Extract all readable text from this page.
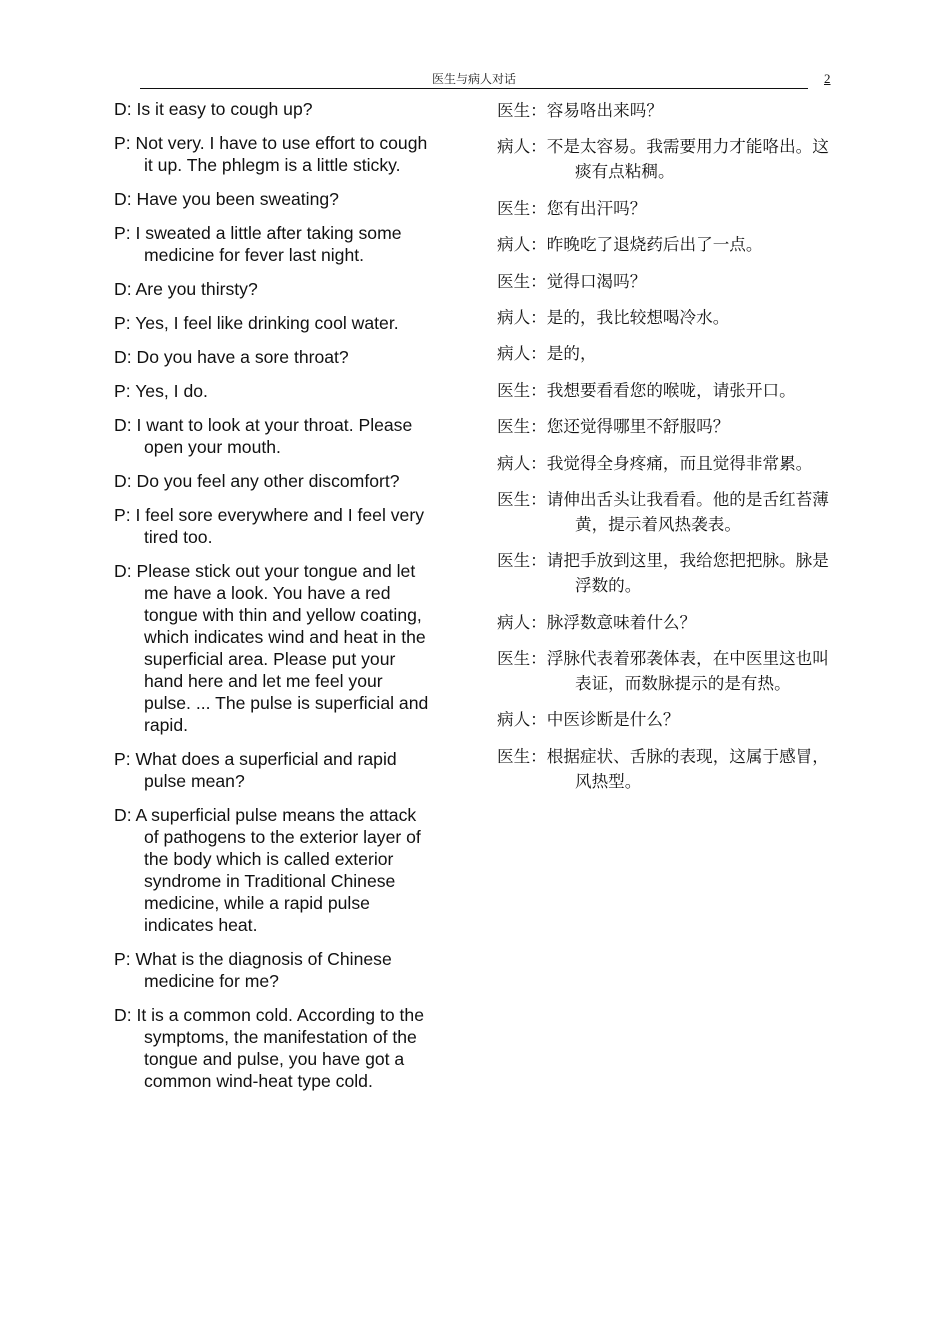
医生与病人对话	2
D: Is it easy to cough up?
P: Not very. I have to use effort to cough it up. The phlegm is a little sticky.
D: Have you been sweating?
P: I sweated a little after taking some medicine for fever last night.
D: Are you thirsty?
P: Yes, I feel like drinking cool water.
D: Do you have a sore throat?
P: Yes, I do.
D: I want to look at your throat. Please open your mouth.
D: Do you feel any other discomfort?
P: I feel sore everywhere and I feel very tired too.
D: Please stick out your tongue and let me have a look. You have a red tongue with thin and yellow coating, which indicates wind and heat in the superficial area. Please put your hand here and let me feel your pulse. ... The pulse is superficial and rapid.
P: What does a superficial and rapid pulse mean?
D: A superficial pulse means the attack of pathogens to the exterior layer of the body which is called exterior syndrome in Traditional Chinese medicine, while a rapid pulse indicates heat.
P: What is the diagnosis of Chinese medicine for me?
D: It is a common cold. According to the symptoms, the manifestation of the tongue and pulse, you have got a common wind-heat type cold.
医生：容易咯出来吗？
病人：不是太容易。我需要用力才能咯出。这痰有点粘稠。
医生：您有出汗吗？
病人：昨晚吃了退烧药后出了一点。
医生：觉得口渴吗？
病人：是的，我比较想喝冷水。
病人：是的，
医生：我想要看看您的喉咙，请张开口。
医生：您还觉得哪里不舒服吗？
病人：我觉得全身疼痛，而且觉得非常累。
医生：请伸出舌头让我看看。他的是舌红苔薄黄，提示着风热袭表。
医生：请把手放到这里，我给您把把脉。脉是浮数的。
病人：脉浮数意味着什么？
医生：浮脉代表着邪袭体表，在中医里这也叫表证，而数脉提示的是有热。
病人：中医诊断是什么？
医生：根据症状、舌脉的表现，这属于感冒，风热型。
